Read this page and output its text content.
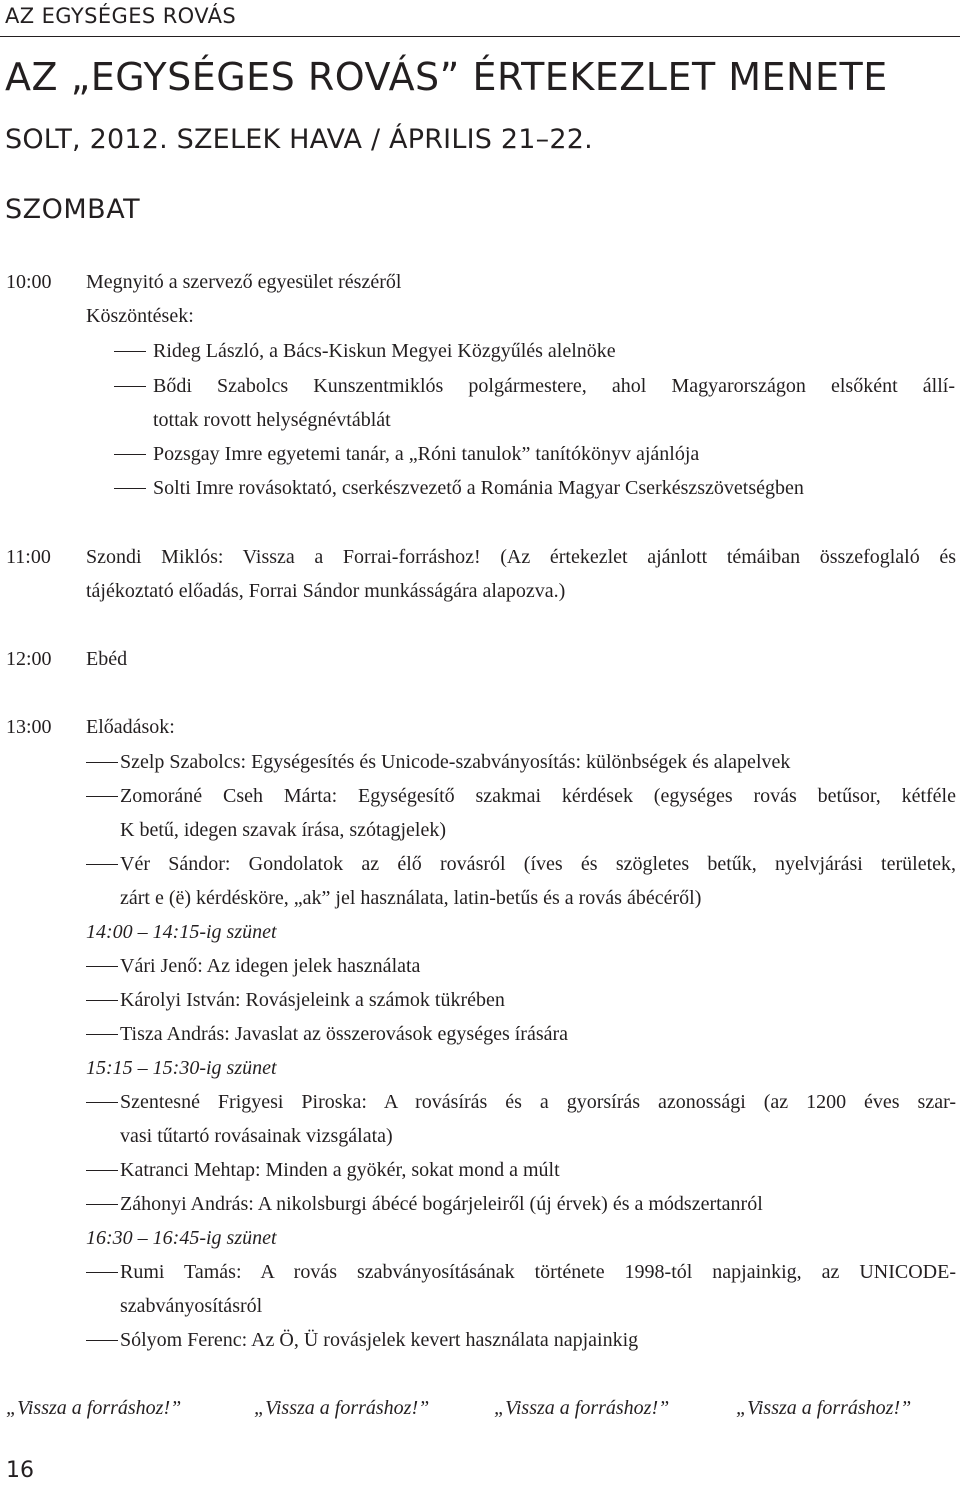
AZ EGYSÉGES ROVÁS
AZ „EGYSÉGES ROVÁS” ÉRTEKEZLET MENETE
SOLT, 2012. SZELEK HAVA / ÁPRILIS 21–22.
SZOMBAT
10:00 Megnyitó a szervező egyesület részéről
Köszöntések:
Rideg László, a Bács-Kiskun Megyei Közgyűlés alelnöke
Bődi Szabolcs Kunszentmiklós polgármestere, ahol Magyarországon elsőként állí-
tottak rovott helységnévtáblát
Pozsgay Imre egyetemi tanár, a „Róni tanulok” tanítókönyv ajánlója
Solti Imre rovásoktató, cserkészvezető a Románia Magyar Cserkészszövetségben
11:00 Szondi Miklós: Vissza a Forrai-forráshoz! (Az értekezlet ajánlott témáiban összefoglaló és
tájékoztató előadás, Forrai Sándor munkásságára alapozva.)
12:00 Ebéd
13:00 Előadások:
Szelp Szabolcs: Egységesítés és Unicode-szabványosítás: különbségek és alapelvek
Zomoráné Cseh Márta: Egységesítő szakmai kérdések (egységes rovás betűsor, kétféle
K betű, idegen szavak írása, szótagjelek)
Vér Sándor: Gondolatok az élő rovásról (íves és szögletes betűk, nyelvjárási területek,
zárt e (ë) kérdésköre, „ak” jel használata, latin-betűs és a rovás ábécéről)
14:00 – 14:15-ig szünet
Vári Jenő: Az idegen jelek használata
Károlyi István: Rovásjeleink a számok tükrében
Tisza András: Javaslat az összerovások egységes írására
15:15 – 15:30-ig szünet
Szentesné Frigyesi Piroska: A rovásírás és a gyorsírás azonossági (az 1200 éves szar-
vasi tűtartó rovásainak vizsgálata)
Katranci Mehtap: Minden a gyökér, sokat mond a múlt
Záhonyi András: A nikolsburgi ábécé bogárjeleiről (új érvek) és a módszertanról
16:30 – 16:45-ig szünet
Rumi Tamás: A rovás szabványosításának története 1998-tól napjainkig, az UNICODE-
szabványosításról
Sólyom Ferenc: Az Ö, Ü rovásjelek kevert használata napjainkig
„Vissza a forráshoz!”	„Vissza a forráshoz!”	„Vissza a forráshoz!”	„Vissza a forráshoz!”
16
